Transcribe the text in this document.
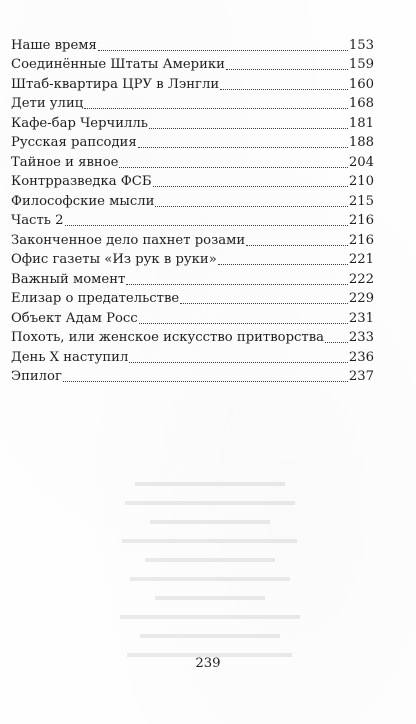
Наше время	153
Соединённые Штаты Америки	159
Штаб-квартира ЦРУ в Лэнгли	160
Дети улиц	168
Кафе-бар Черчилль	181
Русская рапсодия	188
Тайное и явное	204
Контрразведка ФСБ	210
Философские мысли	215
Часть 2	216
Законченное дело пахнет розами	216
Офис газеты «Из рук в руки»	221
Важный момент	222
Елизар о предательстве	229
Объект Адам Росс	231
Похоть, или женское искусство притворства 233
День Х наступил	236
Эпилог	237
239
